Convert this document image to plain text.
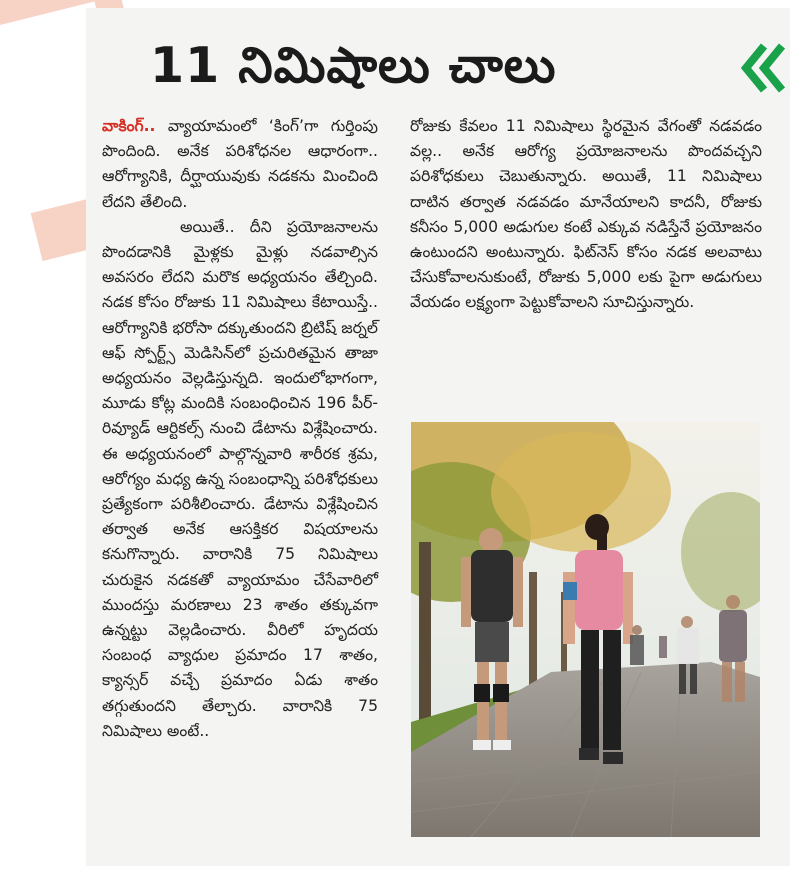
11 నిమిషాలు చాలు

వాకింగ్.. వ్యాయామంలో ‘కింగ్’గా గుర్తింపు పొందింది. అనేక పరిశోధనల ఆధారంగా.. ఆరోగ్యానికి, దీర్ఘాయువుకు నడకను మించింది లేదని తేలింది.

అయితే.. దీని ప్రయోజనాలను పొందడానికి మైళ్లకు మైళ్లు నడవాల్సిన అవసరం లేదని మరొక అధ్యయనం తేల్చింది. నడక కోసం రోజుకు 11 నిమిషాలు కేటాయిస్తే.. ఆరోగ్యానికి భరోసా దక్కుతుందని బ్రిటిష్ జర్నల్ ఆఫ్ స్పోర్ట్స్ మెడిసిన్‌లో ప్రచురితమైన తాజా అధ్యయనం వెల్లడిస్తున్నది. ఇందులోభాగంగా, మూడు కోట్ల మందికి సంబంధించిన 196 పీర్-రివ్యూడ్ ఆర్టికల్స్ నుంచి డేటాను విశ్లేషించారు. ఈ అధ్యయనంలో పాల్గొన్నవారి శారీరక శ్రమ, ఆరోగ్యం మధ్య ఉన్న సంబంధాన్ని పరిశోధకులు ప్రత్యేకంగా పరిశీలించారు. డేటాను విశ్లేషించిన తర్వాత అనేక ఆసక్తికర విషయాలను కనుగొన్నారు. వారానికి 75 నిమిషాలు చురుకైన నడకతో వ్యాయామం చేసేవారిలో ముందస్తు మరణాలు 23 శాతం తక్కువగా ఉన్నట్టు వెల్లడించారు. వీరిలో హృదయ సంబంధ వ్యాధుల ప్రమాదం 17 శాతం, క్యాన్సర్ వచ్చే ప్రమాదం ఏడు శాతం తగ్గుతుందని తేల్చారు. వారానికి 75 నిమిషాలు అంటే..

రోజుకు కేవలం 11 నిమిషాలు స్థిరమైన వేగంతో నడవడం వల్ల.. అనేక ఆరోగ్య ప్రయోజనాలను పొందవచ్చని పరిశోధకులు చెబుతున్నారు. అయితే, 11 నిమిషాలు దాటిన తర్వాత నడవడం మానేయాలని కాదనీ, రోజుకు కనీసం 5,000 అడుగుల కంటే ఎక్కువ నడిస్తేనే ప్రయోజనం ఉంటుందని అంటున్నారు. ఫిట్‌నెస్ కోసం నడక అలవాటు చేసుకోవాలనుకుంటే, రోజుకు 5,000 లకు పైగా అడుగులు వేయడం లక్ష్యంగా పెట్టుకోవాలని సూచిస్తున్నారు.
